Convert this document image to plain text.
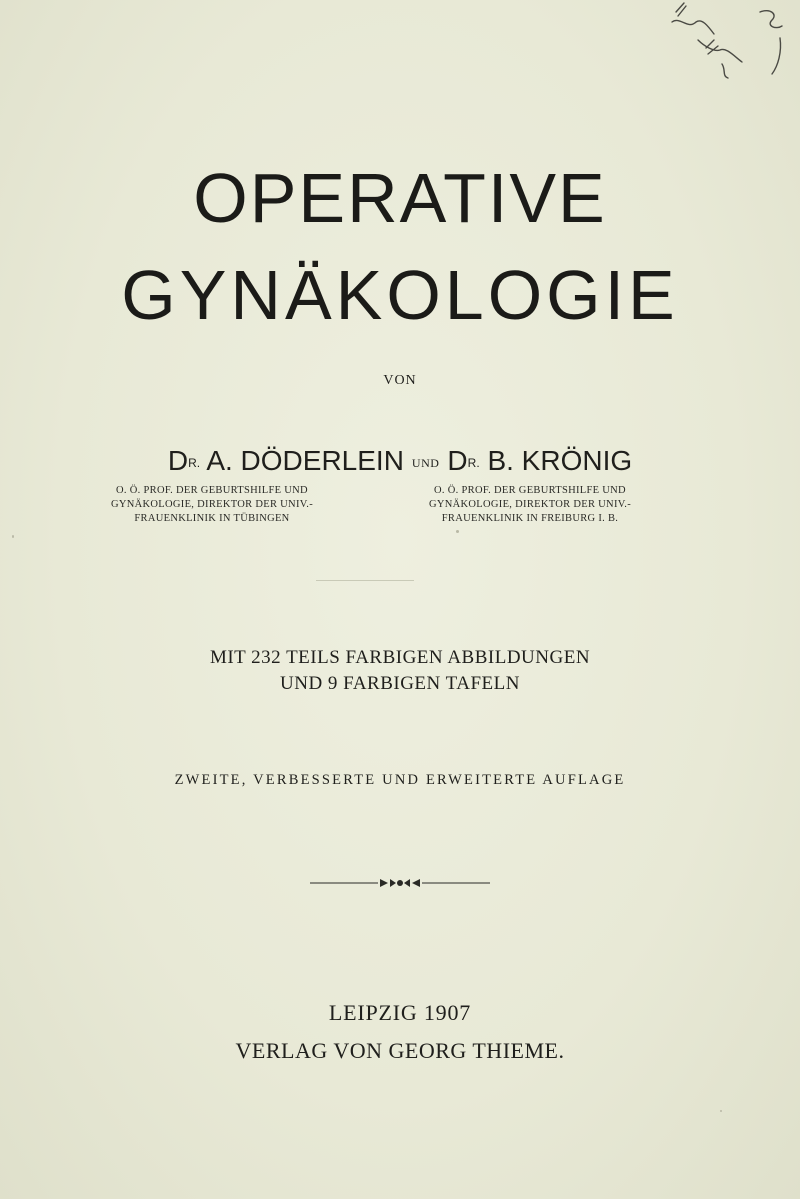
OPERATIVE
GYNÄKOLOGIE
VON
$D^{R.}$ A. DÖDERLEIN UND $D^{R.}$ B. KRÖNIG
O. Ö. PROF. DER GEBURTSHILFE UND
GYNÄKOLOGIE, DIREKTOR DER UNIV.-
FRAUENKLINIK IN TÜBINGEN
O. Ö. PROF. DER GEBURTSHILFE UND
GYNÄKOLOGIE, DIREKTOR DER UNIV.-
FRAUENKLINIK IN FREIBURG I. B.
MIT 232 TEILS FARBIGEN ABBILDUNGEN
UND 9 FARBIGEN TAFELN
ZWEITE, VERBESSERTE UND ERWEITERTE AUFLAGE
LEIPZIG 1907
VERLAG VON GEORG THIEME.
